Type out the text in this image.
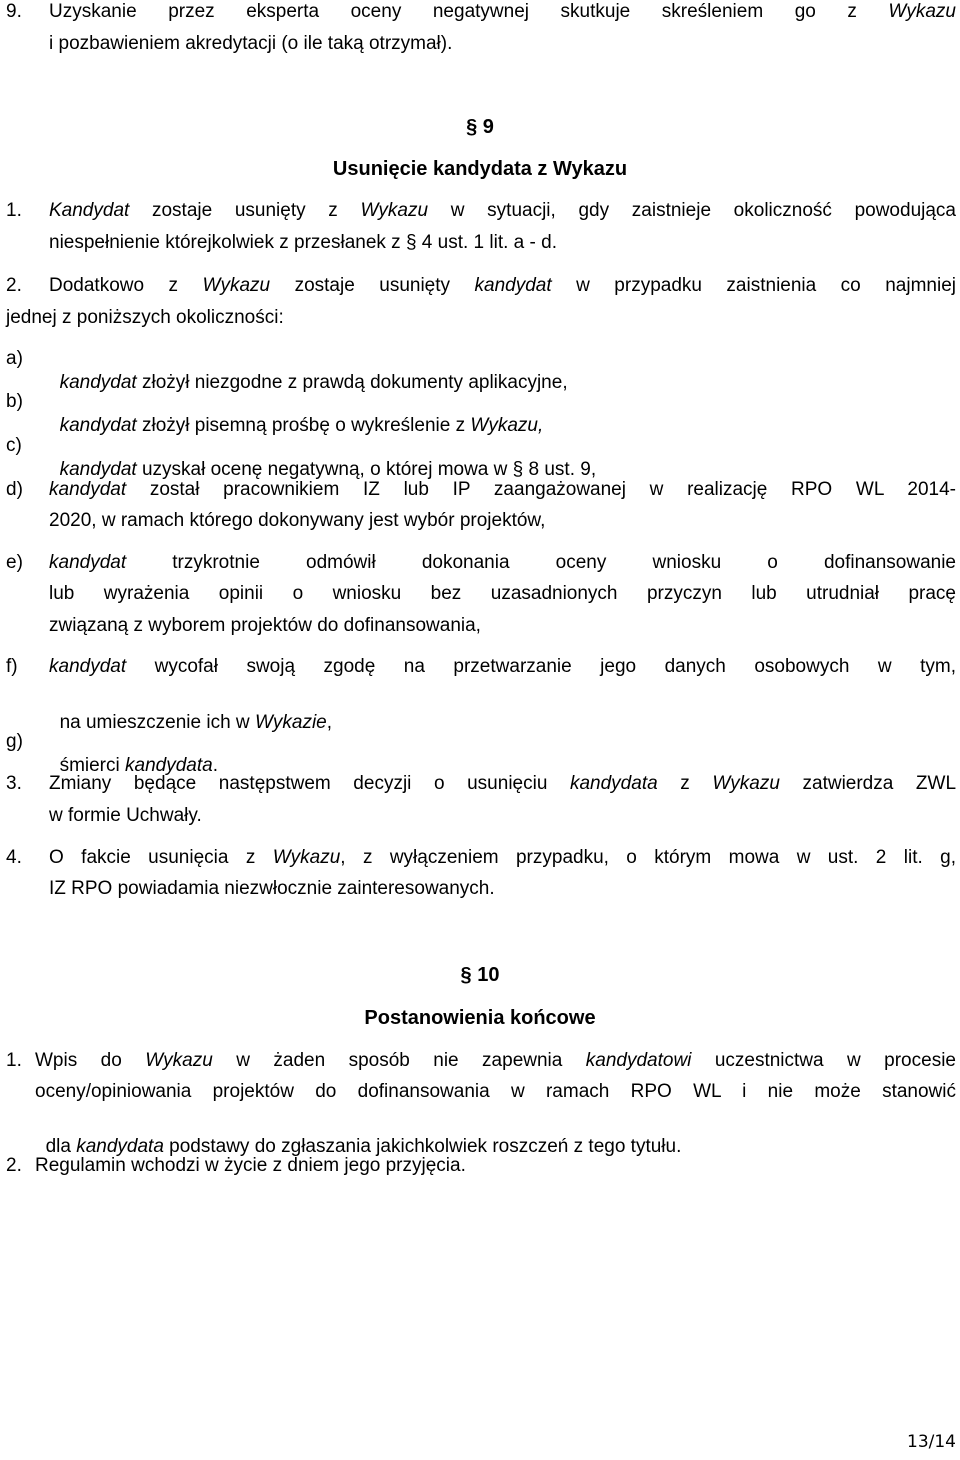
9. Uzyskanie przez eksperta oceny negatywnej skutkuje skreśleniem go z Wykazu
i pozbawieniem akredytacji (o ile taką otrzymał).
§ 9
Usunięcie kandydata z Wykazu
1. Kandydat zostaje usunięty z Wykazu w sytuacji, gdy zaistnieje okoliczność powodująca
niespełnienie którejkolwiek z przesłanek z § 4 ust. 1 lit. a - d.
2. Dodatkowo z Wykazu zostaje usunięty kandydat w przypadku zaistnienia co najmniej
jednej z poniższych okoliczności:
a)

kandydat złożył niezgodne z prawdą dokumenty aplikacyjne,

b)

kandydat złożył pisemną prośbę o wykreślenie z Wykazu,

c)

kandydat uzyskał ocenę negatywną, o której mowa w § 8 ust. 9,

d) kandydat został pracownikiem IZ lub IP zaangażowanej w realizację RPO WL 2014-
2020, w ramach którego dokonywany jest wybór projektów,
e) kandydat trzykrotnie odmówił dokonania oceny wniosku o dofinansowanie
lub wyrażenia opinii o wniosku bez uzasadnionych przyczyn lub utrudniał pracę
związaną z wyborem projektów do dofinansowania,
f) kandydat wycofał swoją zgodę na przetwarzanie jego danych osobowych w tym,

na umieszczenie ich w Wykazie,

g)

śmierci kandydata.

3. Zmiany będące następstwem decyzji o usunięciu kandydata z Wykazu zatwierdza ZWL
w formie Uchwały.
4. O fakcie usunięcia z Wykazu, z wyłączeniem przypadku, o którym mowa w ust. 2 lit. g,
IZ RPO powiadamia niezwłocznie zainteresowanych.
§ 10
Postanowienia końcowe
1. Wpis do Wykazu w żaden sposób nie zapewnia kandydatowi uczestnictwa w procesie
oceny/opiniowania projektów do dofinansowania w ramach RPO WL i nie może stanowić

dla kandydata podstawy do zgłaszania jakichkolwiek roszczeń z tego tytułu.

2. Regulamin wchodzi w życie z dniem jego przyjęcia.
13/14
